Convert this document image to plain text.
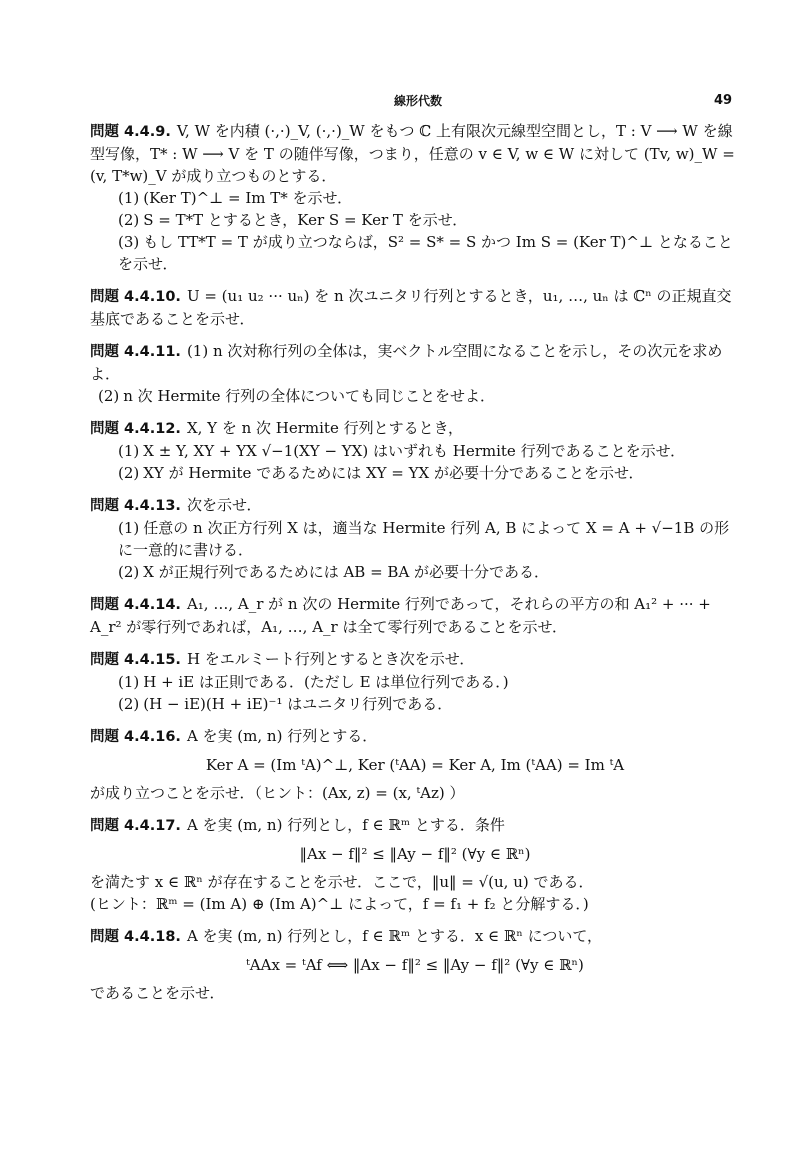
線形代数	49
問題 4.4.9. V, W を内積 (·,·)_V, (·,·)_W をもつ ℂ 上有限次元線型空間とし，T : V ⟶ W を線型写像，T* : W ⟶ V を T の随伴写像，つまり，任意の v ∈ V, w ∈ W に対して (Tv, w)_W = (v, T*w)_V が成り立つものとする．
(1) (Ker T)^⊥ = Im T* を示せ．
(2) S = T*T とするとき，Ker S = Ker T を示せ．
(3) もし TT*T = T が成り立つならば，S² = S* = S かつ Im S = (Ker T)^⊥ となることを示せ．
問題 4.4.10. U = (u₁ u₂ ··· uₙ) を n 次ユニタリ行列とするとき，u₁, …, uₙ は ℂⁿ の正規直交基底であることを示せ．
問題 4.4.11. (1) n 次対称行列の全体は，実ベクトル空間になることを示し，その次元を求めよ．
(2) n 次 Hermite 行列の全体についても同じことをせよ．
問題 4.4.12. X, Y を n 次 Hermite 行列とするとき，
(1) X ± Y, XY + YX √−1(XY − YX) はいずれも Hermite 行列であることを示せ．
(2) XY が Hermite であるためには XY = YX が必要十分であることを示せ．
問題 4.4.13. 次を示せ．
(1) 任意の n 次正方行列 X は，適当な Hermite 行列 A, B によって X = A + √−1B の形に一意的に書ける．
(2) X が正規行列であるためには AB = BA が必要十分である．
問題 4.4.14. A₁, …, A_r が n 次の Hermite 行列であって，それらの平方の和 A₁² + ··· + A_r² が零行列であれば，A₁, …, A_r は全て零行列であることを示せ．
問題 4.4.15. H をエルミート行列とするとき次を示せ．
(1) H + iE は正則である．(ただし E は単位行列である．)
(2) (H − iE)(H + iE)⁻¹ はユニタリ行列である．
問題 4.4.16. A を実 (m, n) 行列とする．
Ker A = (Im ᵗA)^⊥, Ker (ᵗAA) = Ker A, Im (ᵗAA) = Im ᵗA
が成り立つことを示せ．（ヒント：(Ax, z) = (x, ᵗAz) ）
問題 4.4.17. A を実 (m, n) 行列とし，f ∈ ℝᵐ とする．条件
‖Ax − f‖² ≤ ‖Ay − f‖² (∀y ∈ ℝⁿ)
を満たす x ∈ ℝⁿ が存在することを示せ．ここで，‖u‖ = √(u, u) である．
(ヒント：ℝᵐ = (Im A) ⊕ (Im A)^⊥ によって，f = f₁ + f₂ と分解する．)
問題 4.4.18. A を実 (m, n) 行列とし，f ∈ ℝᵐ とする．x ∈ ℝⁿ について，
ᵗAAx = ᵗAf ⟺ ‖Ax − f‖² ≤ ‖Ay − f‖² (∀y ∈ ℝⁿ)
であることを示せ．
